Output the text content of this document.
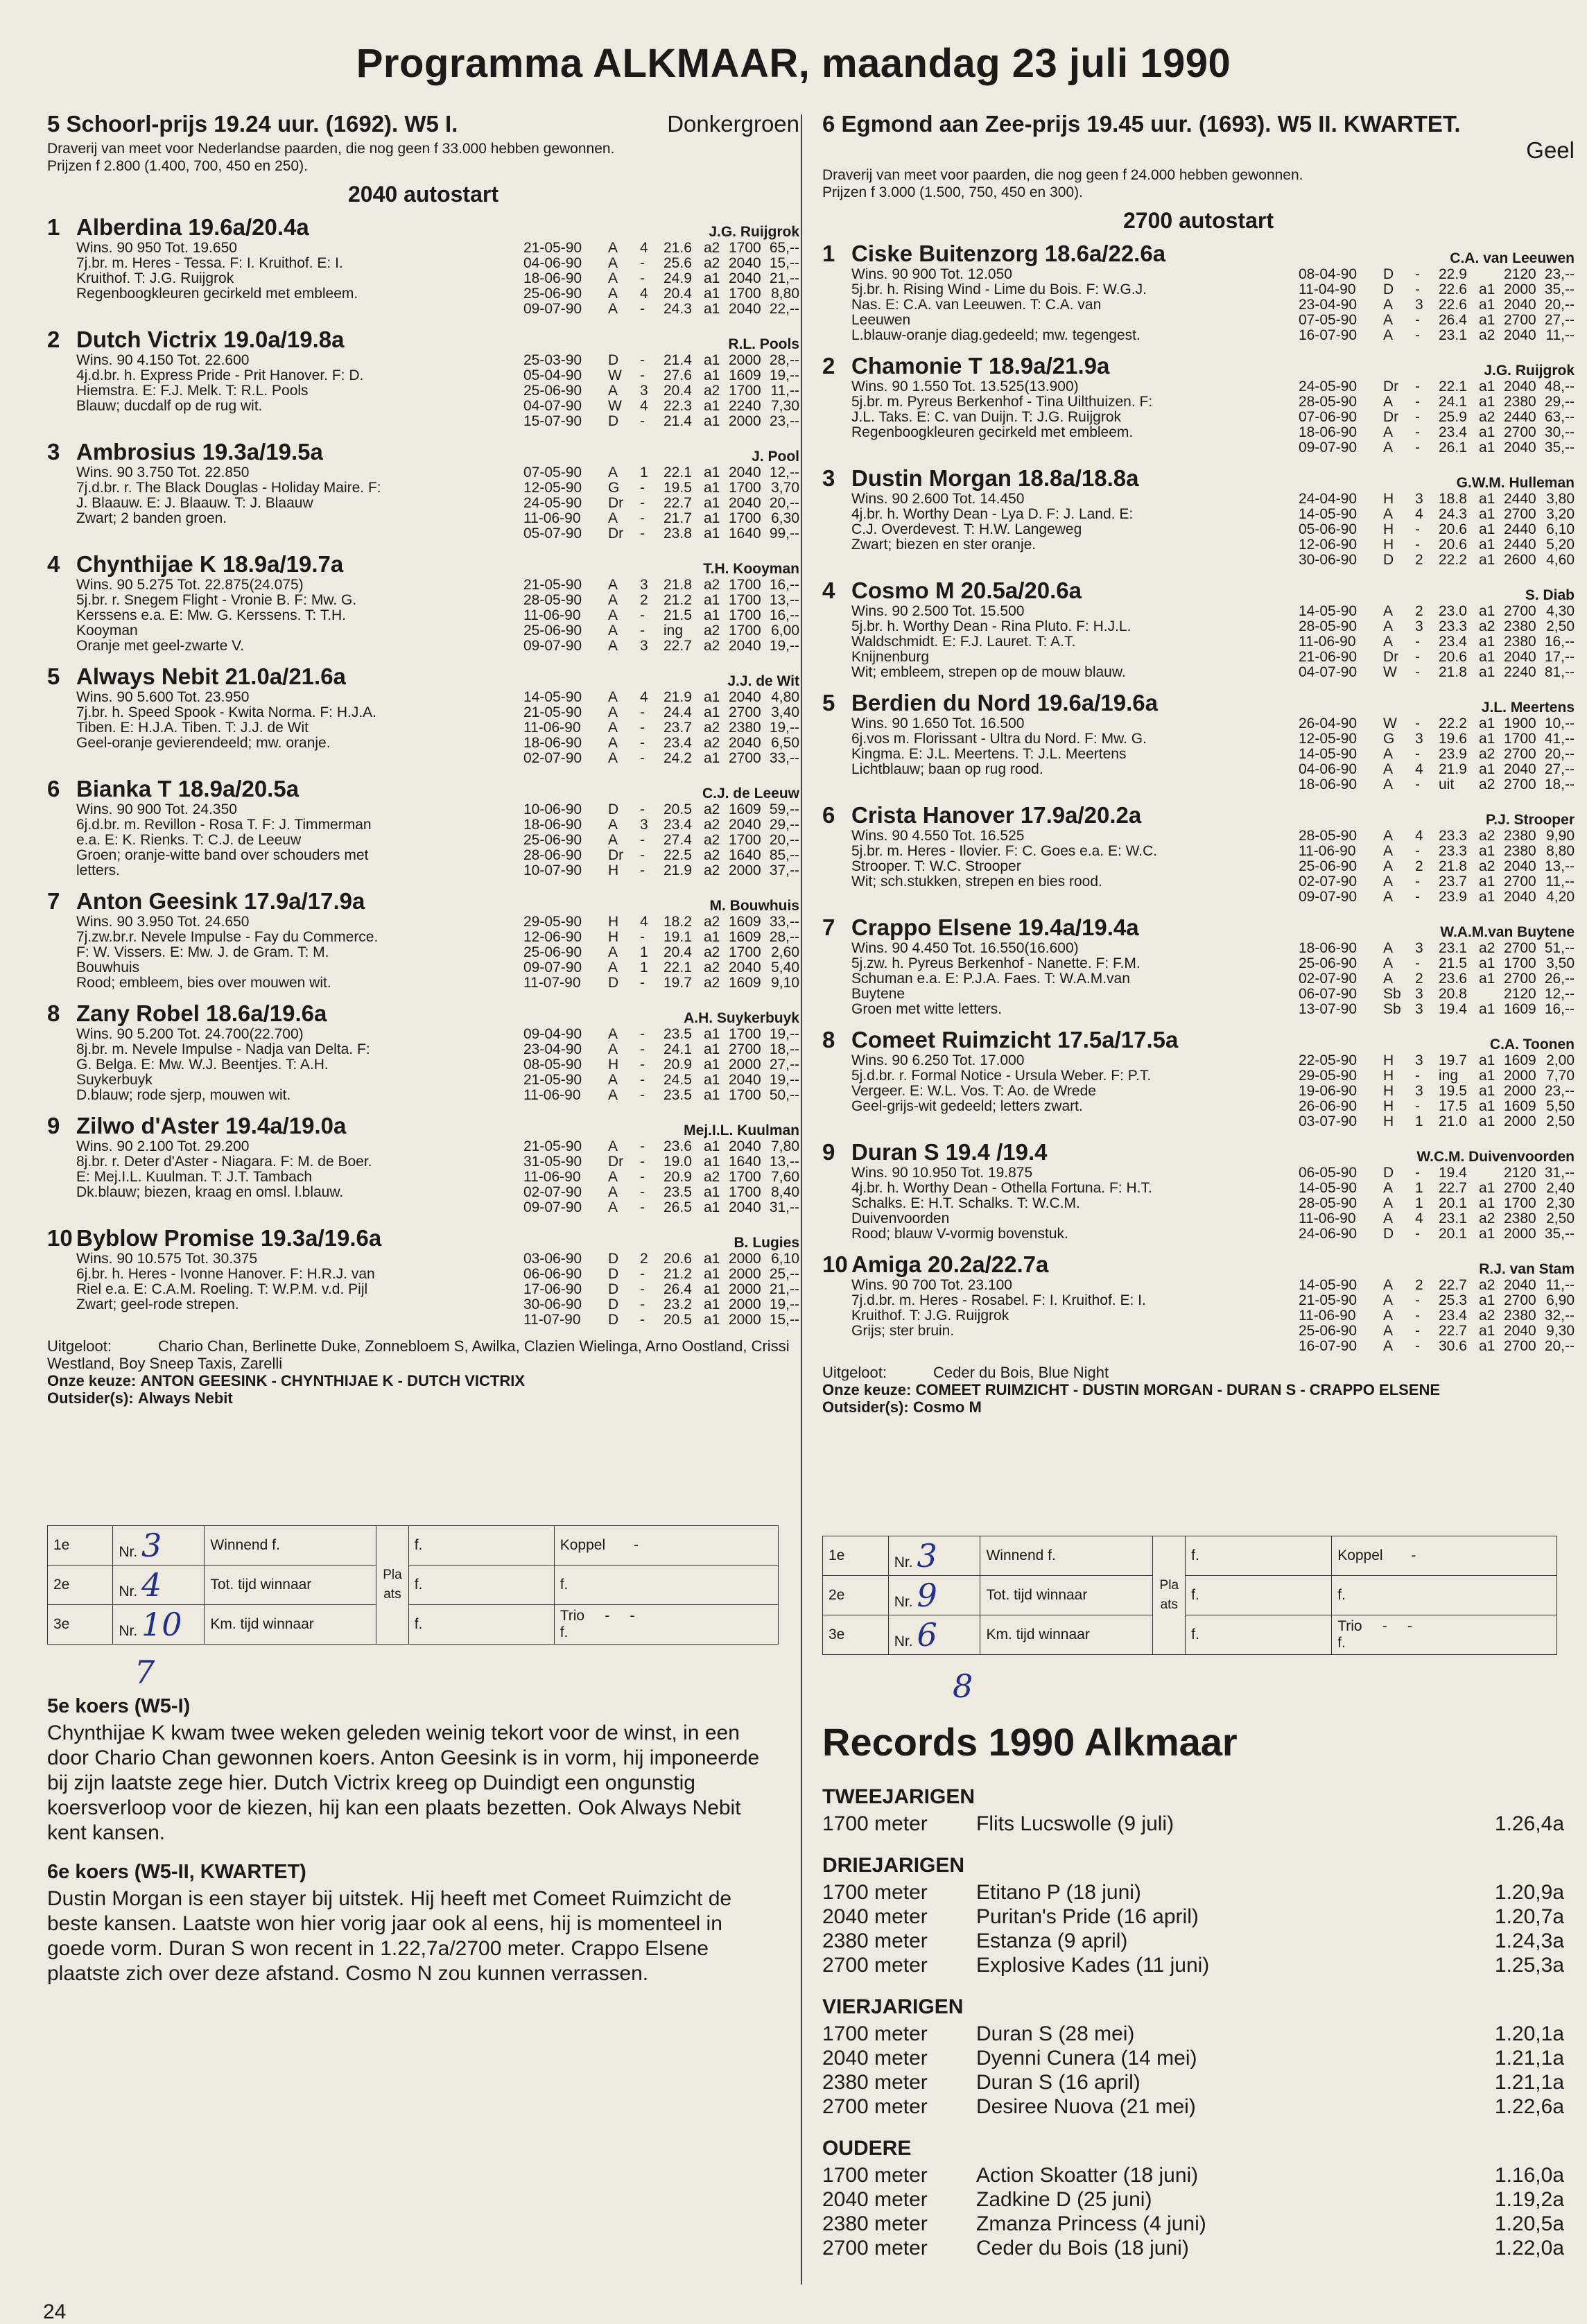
Programma ALKMAAR, maandag 23 juli 1990
5 Schoorl-prijs 19.24 uur. (1692). W5 I.	Donkergroen
Draverij van meet voor Nederlandse paarden, die nog geen f 33.000 hebben gewonnen.
Prijzen f 2.800 (1.400, 700, 450 en 250).
2040 autostart
1 Alberdina 19.6a/20.4a	J.G. Ruijgrok
Wins. 90 950 Tot. 19.650
7j.br. m. Heres - Tessa. F: I. Kruithof. E: I.
Kruithof. T: J.G. Ruijgrok
Regenboogkleuren gecirkeld met embleem.
21-05-90	A	4	21.6 a2 1700 65,--
04-06-90	A	-	25.6 a2 2040 15,--
18-06-90	A	-	24.9 a1 2040 21,--
25-06-90	A	4	20.4 a1 1700 8,80
09-07-90	A	-	24.3 a1 2040 22,--
2 Dutch Victrix 19.0a/19.8a	R.L. Pools
Wins. 90 4.150 Tot. 22.600
4j.d.br. h. Express Pride - Prit Hanover. F: D.
Hiemstra. E: F.J. Melk. T: R.L. Pools
Blauw; ducdalf op de rug wit.
25-03-90	D	-	21.4 a1 2000 28,--
05-04-90	W	-	27.6 a1 1609 19,--
25-06-90	A	3	20.4 a2 1700 11,--
04-07-90	W	4	22.3 a1 2240 7,30
15-07-90	D	-	21.4 a1 2000 23,--
3 Ambrosius 19.3a/19.5a	J. Pool
Wins. 90 3.750 Tot. 22.850
7j.d.br. r. The Black Douglas - Holiday Maire. F:
J. Blaauw. E: J. Blaauw. T: J. Blaauw
Zwart; 2 banden groen.
07-05-90	A	1	22.1 a1 2040 12,--
12-05-90	G	-	19.5 a1 1700 3,70
24-05-90	Dr	-	22.7 a1 2040 20,--
11-06-90	A	-	21.7 a1 1700 6,30
05-07-90	Dr	-	23.8 a1 1640 99,--
4 Chynthijae K 18.9a/19.7a	T.H. Kooyman
Wins. 90 5.275 Tot. 22.875(24.075)
5j.br. r. Snegem Flight - Vronie B. F: Mw. G.
Kerssens e.a. E: Mw. G. Kerssens. T: T.H.
Kooyman
Oranje met geel-zwarte V.
21-05-90	A	3	21.8 a2 1700 16,--
28-05-90	A	2	21.2 a1 1700 13,--
11-06-90	A	-	21.5 a1 1700 16,--
25-06-90	A	-	ing	a2 1700 6,00
09-07-90	A	3	22.7 a2 2040 19,--
5 Always Nebit 21.0a/21.6a	J.J. de Wit
Wins. 90 5.600 Tot. 23.950
7j.br. h. Speed Spook - Kwita Norma. F: H.J.A.
Tiben. E: H.J.A. Tiben. T: J.J. de Wit
Geel-oranje gevierendeeld; mw. oranje.
14-05-90	A	4	21.9 a1 2040 4,80
21-05-90	A	-	24.4 a1 2700 3,40
11-06-90	A	-	23.7 a2 2380 19,--
18-06-90	A	-	23.4 a2 2040 6,50
02-07-90	A	-	24.2 a1 2700 33,--
6 Bianka T 18.9a/20.5a	C.J. de Leeuw
Wins. 90 900 Tot. 24.350
6j.d.br. m. Revillon - Rosa T. F: J. Timmerman
e.a. E: K. Rienks. T: C.J. de Leeuw
Groen; oranje-witte band over schouders met
letters.
10-06-90	D	-	20.5 a2 1609 59,--
18-06-90	A	3	23.4 a2 2040 29,--
25-06-90	A	-	27.4 a2 1700 20,--
28-06-90	Dr	-	22.5 a2 1640 85,--
10-07-90	H	-	21.9 a2 2000 37,--
7 Anton Geesink 17.9a/17.9a	M. Bouwhuis
Wins. 90 3.950 Tot. 24.650
7j.zw.br.r. Nevele Impulse - Fay du Commerce.
F: W. Vissers. E: Mw. J. de Gram. T: M.
Bouwhuis
Rood; embleem, bies over mouwen wit.
29-05-90	H	4	18.2 a2 1609 33,--
12-06-90	H	-	19.1 a1 1609 28,--
25-06-90	A	1	20.4 a2 1700 2,60
09-07-90	A	1	22.1 a2 2040 5,40
11-07-90	D	-	19.7 a2 1609 9,10
8 Zany Robel 18.6a/19.6a	A.H. Suykerbuyk
Wins. 90 5.200 Tot. 24.700(22.700)
8j.br. m. Nevele Impulse - Nadja van Delta. F:
G. Belga. E: Mw. W.J. Beentjes. T: A.H.
Suykerbuyk
D.blauw; rode sjerp, mouwen wit.
09-04-90	A	-	23.5 a1 1700 19,--
23-04-90	A	-	24.1 a1 2700 18,--
08-05-90	H	-	20.9 a1 2000 27,--
21-05-90	A	-	24.5 a1 2040 19,--
11-06-90	A	-	23.5 a1 1700 50,--
9 Zilwo d'Aster 19.4a/19.0a	Mej.I.L. Kuulman
Wins. 90 2.100 Tot. 29.200
8j.br. r. Deter d'Aster - Niagara. F: M. de Boer.
E: Mej.I.L. Kuulman. T: J.T. Tambach
Dk.blauw; biezen, kraag en omsl. l.blauw.
21-05-90	A	-	23.6 a1 2040 7,80
31-05-90	Dr	-	19.0 a1 1640 13,--
11-06-90	A	-	20.9 a2 1700 7,60
02-07-90	A	-	23.5 a1 1700 8,40
09-07-90	A	-	26.5 a1 2040 31,--
10 Byblow Promise 19.3a/19.6a	B. Lugies
Wins. 90 10.575 Tot. 30.375
6j.br. h. Heres - Ivonne Hanover. F: H.R.J. van
Riel e.a. E: C.A.M. Roeling. T: W.P.M. v.d. Pijl
Zwart; geel-rode strepen.
03-06-90	D	2	20.6 a1 2000 6,10
06-06-90	D	-	21.2 a1 2000 25,--
17-06-90	D	-	26.4 a1 2000 21,--
30-06-90	D	-	23.2 a1 2000 19,--
11-07-90	D	-	20.5 a1 2000 15,--
Uitgeloot:	Chario Chan, Berlinette Duke, Zonnebloem S, Awilka, Clazien Wielinga, Arno Oostland, Crissi Westland, Boy Sneep Taxis, Zarelli
Onze keuze: ANTON GEESINK - CHYNTHIJAE K - DUTCH VICTRIX
Outsider(s): Always Nebit
6 Egmond aan Zee-prijs 19.45 uur. (1693). W5 II. KWARTET.
Geel
Draverij van meet voor paarden, die nog geen f 24.000 hebben gewonnen.
Prijzen f 3.000 (1.500, 750, 450 en 300).
2700 autostart
1 Ciske Buitenzorg 18.6a/22.6a	C.A. van Leeuwen
Wins. 90 900 Tot. 12.050
5j.br. h. Rising Wind - Lime du Bois. F: W.G.J.
Nas. E: C.A. van Leeuwen. T: C.A. van
Leeuwen
L.blauw-oranje diag.gedeeld; mw. tegengest.
08-04-90	D	-	22.9	2120 23,--
11-04-90	D	-	22.6 a1 2000 35,--
23-04-90	A	3	22.6 a1 2040 20,--
07-05-90	A	-	26.4 a1 2700 27,--
16-07-90	A	-	23.1 a2 2040 11,--
2 Chamonie T 18.9a/21.9a	J.G. Ruijgrok
Wins. 90 1.550 Tot. 13.525(13.900)
5j.br. m. Pyreus Berkenhof - Tina Uilthuizen. F:
J.L. Taks. E: C. van Duijn. T: J.G. Ruijgrok
Regenboogkleuren gecirkeld met embleem.
24-05-90	Dr	-	22.1 a1 2040 48,--
28-05-90	A	-	24.1 a1 2380 29,--
07-06-90	Dr	-	25.9 a2 2440 63,--
18-06-90	A	-	23.4 a1 2700 30,--
09-07-90	A	-	26.1 a1 2040 35,--
3 Dustin Morgan 18.8a/18.8a	G.W.M. Hulleman
Wins. 90 2.600 Tot. 14.450
4j.br. h. Worthy Dean - Lya D. F: J. Land. E:
C.J. Overdevest. T: H.W. Langeweg
Zwart; biezen en ster oranje.
24-04-90	H	3	18.8 a1 2440 3,80
14-05-90	A	4	24.3 a1 2700 3,20
05-06-90	H	-	20.6 a1 2440 6,10
12-06-90	H	-	20.6 a1 2440 5,20
30-06-90	D	2	22.2 a1 2600 4,60
4 Cosmo M 20.5a/20.6a	S. Diab
Wins. 90 2.500 Tot. 15.500
5j.br. h. Worthy Dean - Rina Pluto. F: H.J.L.
Waldschmidt. E: F.J. Lauret. T: A.T.
Knijnenburg
Wit; embleem, strepen op de mouw blauw.
14-05-90	A	2	23.0 a1 2700 4,30
28-05-90	A	3	23.3 a2 2380 2,50
11-06-90	A	-	23.4 a1 2380 16,--
21-06-90	Dr	-	20.6 a1 2040 17,--
04-07-90	W	-	21.8 a1 2240 81,--
5 Berdien du Nord 19.6a/19.6a	J.L. Meertens
Wins. 90 1.650 Tot. 16.500
6j.vos m. Florissant - Ultra du Nord. F: Mw. G.
Kingma. E: J.L. Meertens. T: J.L. Meertens
Lichtblauw; baan op rug rood.
26-04-90	W	-	22.2 a1 1900 10,--
12-05-90	G	3	19.6 a1 1700 41,--
14-05-90	A	-	23.9 a2 2700 20,--
04-06-90	A	4	21.9 a1 2040 27,--
18-06-90	A	-	uit	a2 2700 18,--
6 Crista Hanover 17.9a/20.2a	P.J. Strooper
Wins. 90 4.550 Tot. 16.525
5j.br. m. Heres - Ilovier. F: C. Goes e.a. E: W.C.
Strooper. T: W.C. Strooper
Wit; sch.stukken, strepen en bies rood.
28-05-90	A	4	23.3 a2 2380 9,90
11-06-90	A	-	23.3 a1 2380 8,80
25-06-90	A	2	21.8 a2 2040 13,--
02-07-90	A	-	23.7 a1 2700 11,--
09-07-90	A	-	23.9 a1 2040 4,20
7 Crappo Elsene 19.4a/19.4a	W.A.M.van Buytene
Wins. 90 4.450 Tot. 16.550(16.600)
5j.zw. h. Pyreus Berkenhof - Nanette. F: F.M.
Schuman e.a. E: P.J.A. Faes. T: W.A.M.van
Buytene
Groen met witte letters.
18-06-90	A	3	23.1 a2 2700 51,--
25-06-90	A	-	21.5 a1 1700 3,50
02-07-90	A	2	23.6 a1 2700 26,--
06-07-90	Sb 3	20.8	2120 12,--
13-07-90	Sb 3	19.4 a1 1609 16,--
8 Comeet Ruimzicht 17.5a/17.5a	C.A. Toonen
Wins. 90 6.250 Tot. 17.000
5j.d.br. r. Formal Notice - Ursula Weber. F: P.T.
Vergeer. E: W.L. Vos. T: Ao. de Wrede
Geel-grijs-wit gedeeld; letters zwart.
22-05-90	H	3	19.7 a1 1609 2,00
29-05-90	H	-	ing	a1 2000 7,70
19-06-90	H	3	19.5 a1 2000 23,--
26-06-90	H	-	17.5 a1 1609 5,50
03-07-90	H	1	21.0 a1 2000 2,50
9 Duran S 19.4 /19.4	W.C.M. Duivenvoorden
Wins. 90 10.950 Tot. 19.875
4j.br. h. Worthy Dean - Othella Fortuna. F: H.T.
Schalks. E: H.T. Schalks. T: W.C.M.
Duivenvoorden
Rood; blauw V-vormig bovenstuk.
06-05-90	D	-	19.4	2120 31,--
14-05-90	A	1	22.7 a1 2700 2,40
28-05-90	A	1	20.1 a1 1700 2,30
11-06-90	A	4	23.1 a2 2380 2,50
24-06-90	D	-	20.1 a1 2000 35,--
10 Amiga 20.2a/22.7a	R.J. van Stam
Wins. 90 700 Tot. 23.100
7j.d.br. m. Heres - Rosabel. F: I. Kruithof. E: I.
Kruithof. T: J.G. Ruijgrok
Grijs; ster bruin.
14-05-90	A	2	22.7 a2 2040 11,--
21-05-90	A	-	25.3 a1 2700 6,90
11-06-90	A	-	23.4 a2 2380 32,--
25-06-90	A	-	22.7 a1 2040 9,30
16-07-90	A	-	30.6 a1 2700 20,--
Uitgeloot:	Ceder du Bois, Blue Night
Onze keuze: COMEET RUIMZICHT - DUSTIN MORGAN - DURAN S - CRAPPO ELSENE
Outsider(s): Cosmo M
1e	Nr. 3	Winnend f.	Plaats	f.	Koppel -
2e	Nr. 4	Tot. tijd winnaar		f.	f.
3e	Nr. 10	Km. tijd winnaar		f.	Trio - -
f.
1e	Nr. 3	Winnend f.	Plaats	f.	Koppel -
2e	Nr. 9	Tot. tijd winnaar		f.	f.
3e	Nr. 6	Km. tijd winnaar		f.	Trio - -
f.
7	8
5e koers (W5-I)

Chynthijae K kwam twee weken geleden weinig tekort voor de winst, in een door Chario Chan gewonnen koers. Anton Geesink is in vorm, hij imponeerde bij zijn laatste zege hier. Dutch Victrix kreeg op Duindigt een ongunstig koersverloop voor de kiezen, hij kan een plaats bezetten. Ook Always Nebit kent kansen.

6e koers (W5-II, KWARTET)

Dustin Morgan is een stayer bij uitstek. Hij heeft met Comeet Ruimzicht de beste kansen. Laatste won hier vorig jaar ook al eens, hij is momenteel in goede vorm. Duran S won recent in 1.22,7a/2700 meter. Crappo Elsene plaatste zich over deze afstand. Cosmo N zou kunnen verrassen.

Records 1990 Alkmaar
TWEEJARIGEN
1700 meter	Flits Lucswolle (9 juli)	1.26,4a
DRIEJARIGEN
1700 meter	Etitano P (18 juni)	1.20,9a
2040 meter	Puritan's Pride (16 april)	1.20,7a
2380 meter	Estanza (9 april)	1.24,3a
2700 meter	Explosive Kades (11 juni)	1.25,3a
VIERJARIGEN
1700 meter	Duran S (28 mei)	1.20,1a
2040 meter	Dyenni Cunera (14 mei)	1.21,1a
2380 meter	Duran S (16 april)	1.21,1a
2700 meter	Desiree Nuova (21 mei)	1.22,6a
OUDERE
1700 meter	Action Skoatter (18 juni)	1.16,0a
2040 meter	Zadkine D (25 juni)	1.19,2a
2380 meter	Zmanza Princess (4 juni)	1.20,5a
2700 meter	Ceder du Bois (18 juni)	1.22,0a
24
